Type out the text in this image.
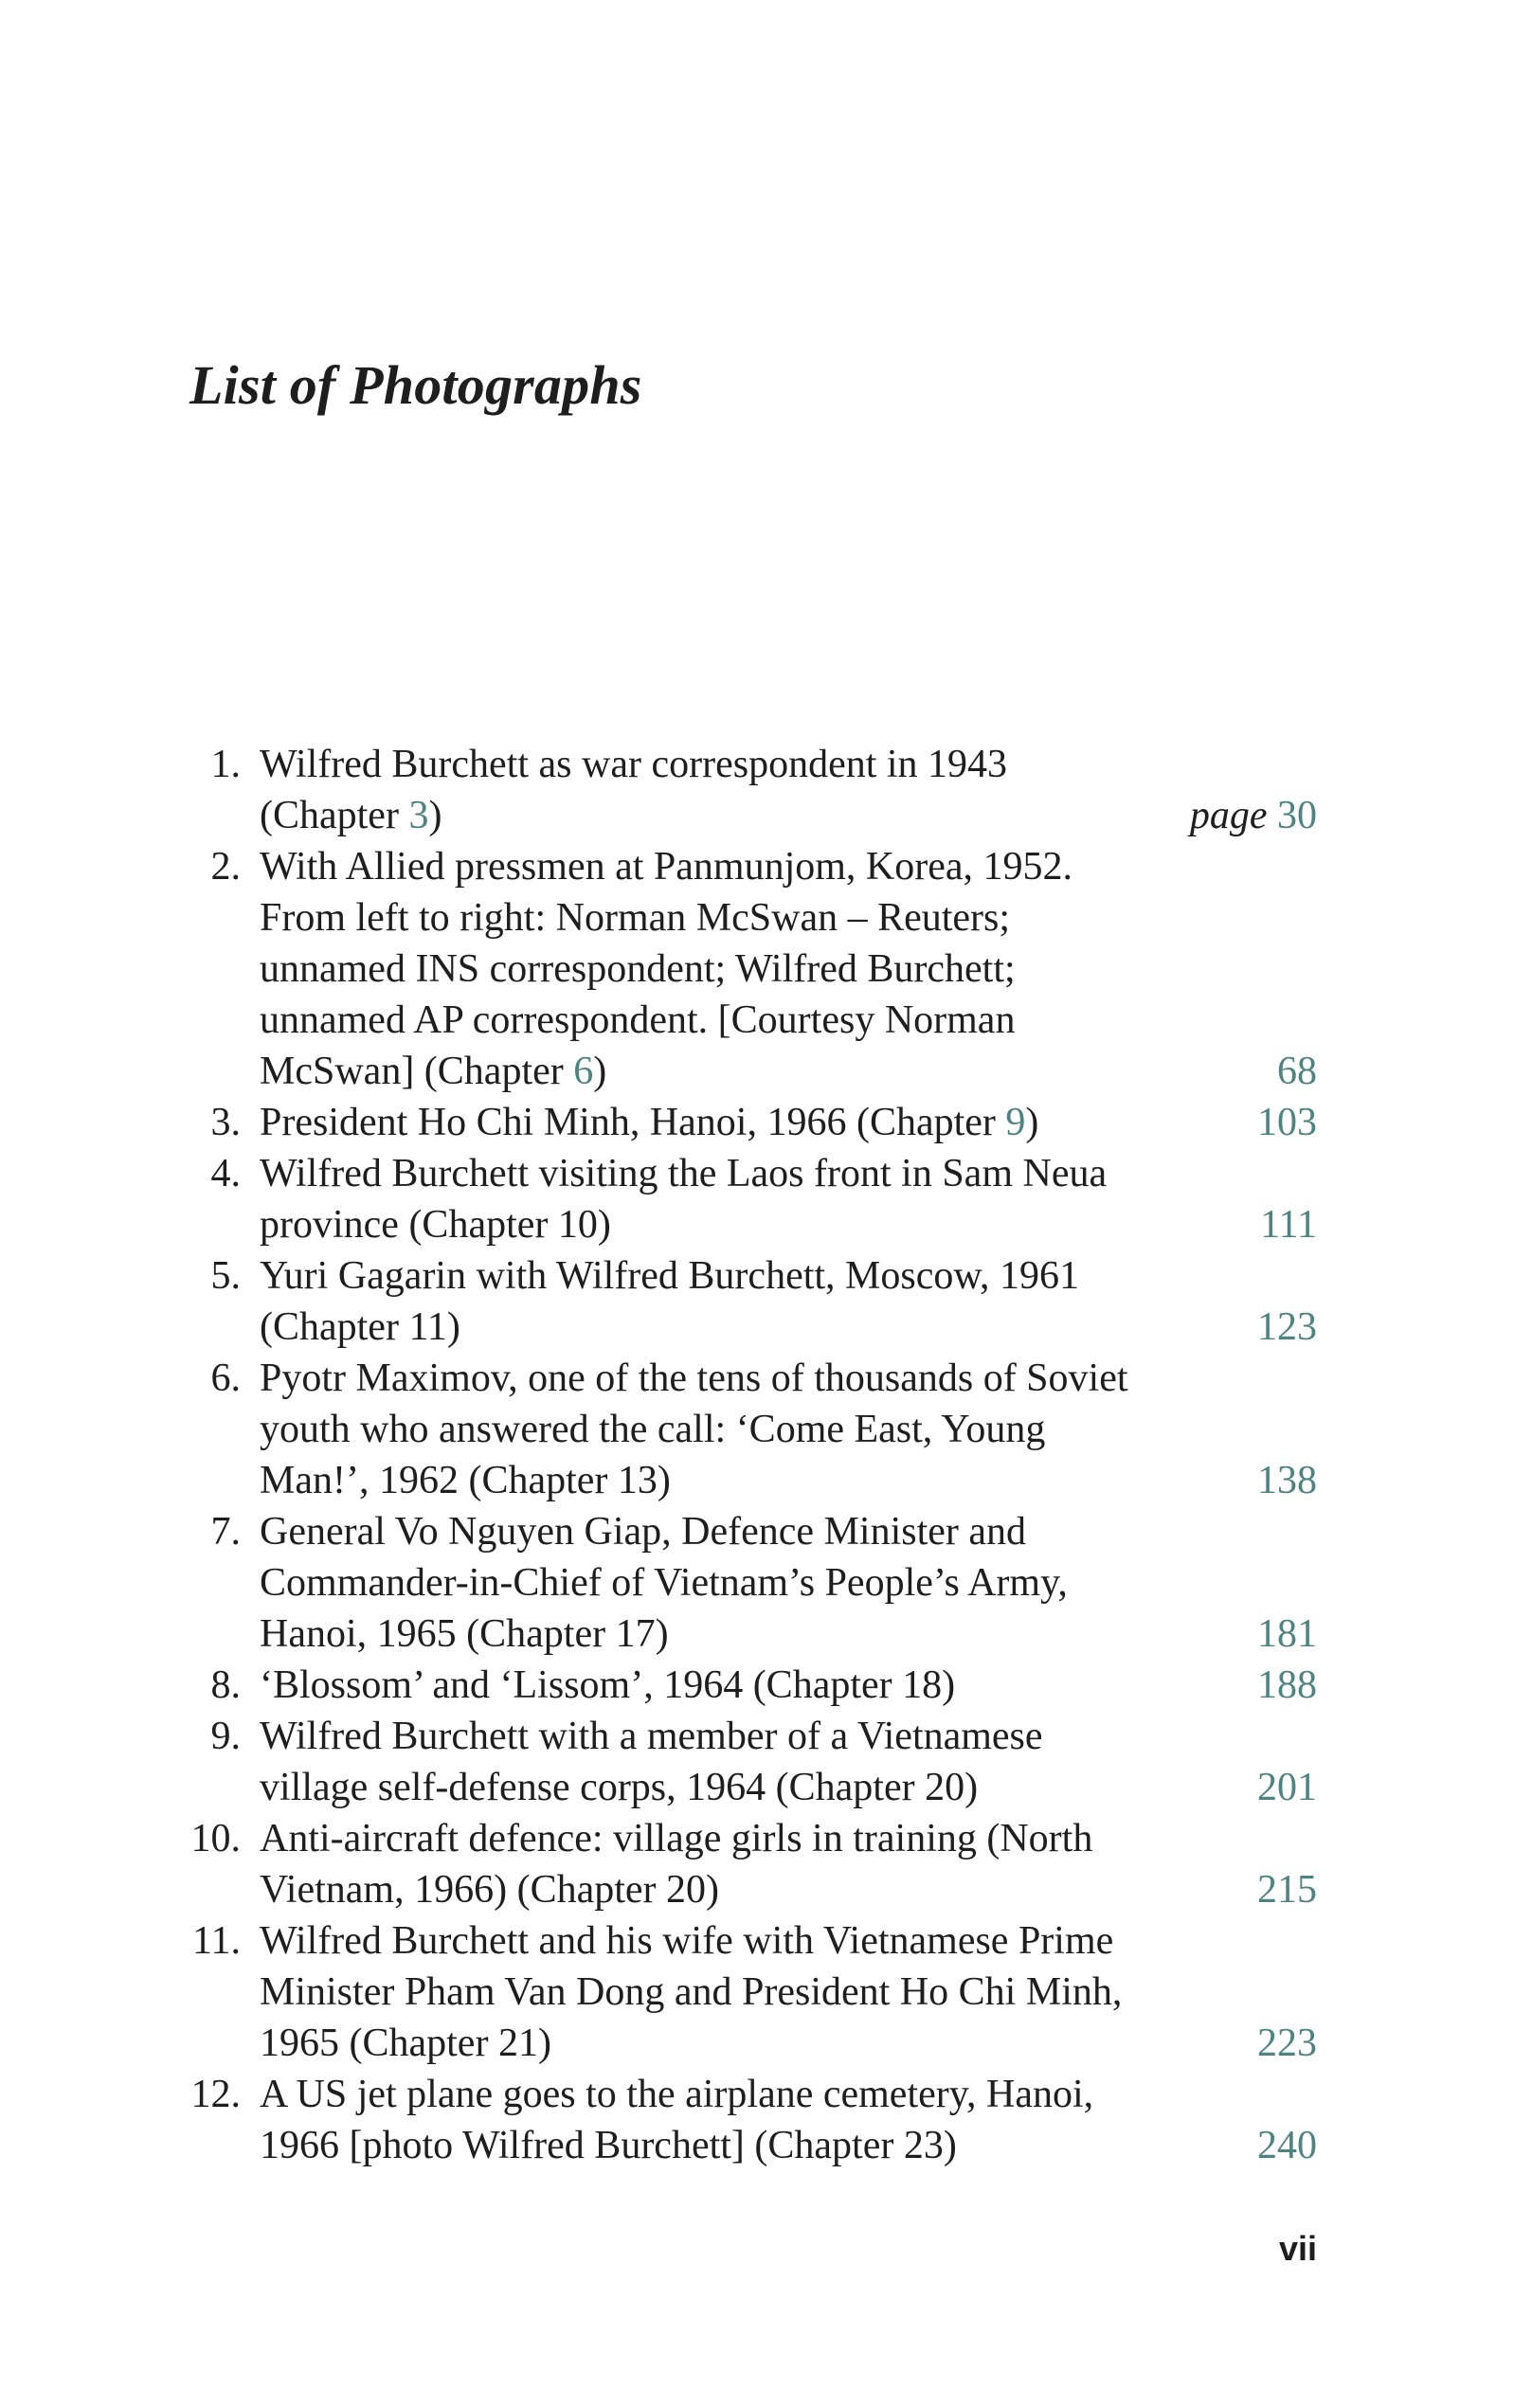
List of Photographs
1. Wilfred Burchett as war correspondent in 1943
(Chapter 3)	page 30
2. With Allied pressmen at Panmunjom, Korea, 1952.
From left to right: Norman McSwan – Reuters;
unnamed INS correspondent; Wilfred Burchett;
unnamed AP correspondent. [Courtesy Norman
McSwan] (Chapter 6)	68
3. President Ho Chi Minh, Hanoi, 1966 (Chapter 9)	103
4. Wilfred Burchett visiting the Laos front in Sam Neua
province (Chapter 10)	111
5. Yuri Gagarin with Wilfred Burchett, Moscow, 1961
(Chapter 11)	123
6. Pyotr Maximov, one of the tens of thousands of Soviet
youth who answered the call: ‘Come East, Young
Man!’, 1962 (Chapter 13)	138
7. General Vo Nguyen Giap, Defence Minister and
Commander-in-Chief of Vietnam’s People’s Army,
Hanoi, 1965 (Chapter 17)	181
8. ‘Blossom’ and ‘Lissom’, 1964 (Chapter 18)	188
9. Wilfred Burchett with a member of a Vietnamese
village self-defense corps, 1964 (Chapter 20)	201
10. Anti-aircraft defence: village girls in training (North
Vietnam, 1966) (Chapter 20)	215
11. Wilfred Burchett and his wife with Vietnamese Prime
Minister Pham Van Dong and President Ho Chi Minh,
1965 (Chapter 21)	223
12. A US jet plane goes to the airplane cemetery, Hanoi,
1966 [photo Wilfred Burchett] (Chapter 23)	240
vii
